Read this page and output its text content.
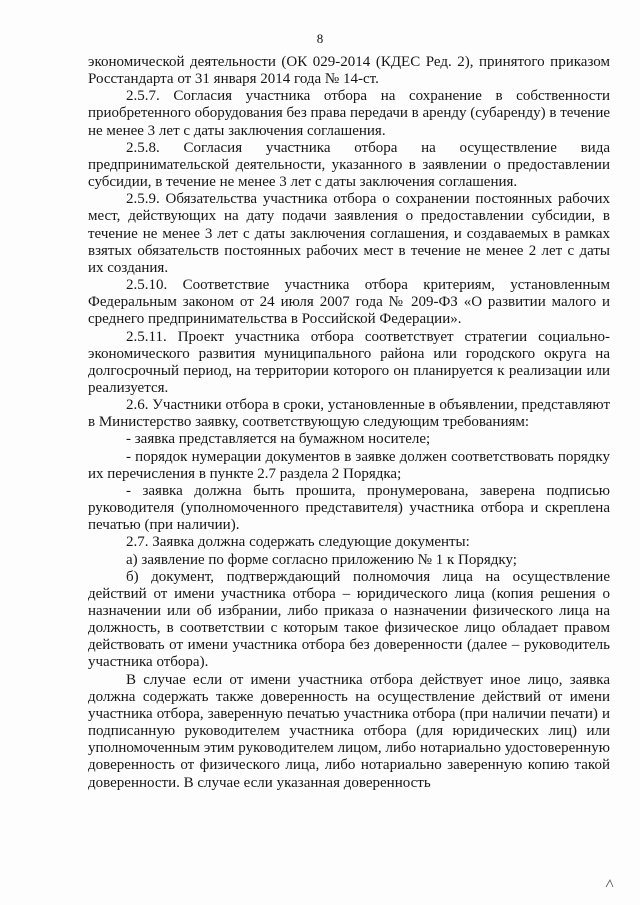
8

экономической деятельности (ОК 029-2014 (КДЕС Ред. 2), принятого приказом Росстандарта от 31 января 2014 года № 14-ст.

2.5.7. Согласия участника отбора на сохранение в собственности приобретенного оборудования без права передачи в аренду (субаренду) в течение не менее 3 лет с даты заключения соглашения.

2.5.8. Согласия участника отбора на осуществление вида предпринимательской деятельности, указанного в заявлении о предоставлении субсидии, в течение не менее 3 лет с даты заключения соглашения.

2.5.9. Обязательства участника отбора о сохранении постоянных рабочих мест, действующих на дату подачи заявления о предоставлении субсидии, в течение не менее 3 лет с даты заключения соглашения, и создаваемых в рамках взятых обязательств постоянных рабочих мест в течение не менее 2 лет с даты их создания.

2.5.10. Соответствие участника отбора критериям, установленным Федеральным законом от 24 июля 2007 года № 209-ФЗ «О развитии малого и среднего предпринимательства в Российской Федерации».

2.5.11. Проект участника отбора соответствует стратегии социально-экономического развития муниципального района или городского округа на долгосрочный период, на территории которого он планируется к реализации или реализуется.

2.6. Участники отбора в сроки, установленные в объявлении, представляют в Министерство заявку, соответствующую следующим требованиям:

- заявка представляется на бумажном носителе;

- порядок нумерации документов в заявке должен соответствовать порядку их перечисления в пункте 2.7 раздела 2 Порядка;

- заявка должна быть прошита, пронумерована, заверена подписью руководителя (уполномоченного представителя) участника отбора и скреплена печатью (при наличии).

2.7. Заявка должна содержать следующие документы:

а) заявление по форме согласно приложению № 1 к Порядку;

б) документ, подтверждающий полномочия лица на осуществление действий от имени участника отбора – юридического лица (копия решения о назначении или об избрании, либо приказа о назначении физического лица на должность, в соответствии с которым такое физическое лицо обладает правом действовать от имени участника отбора без доверенности (далее – руководитель участника отбора).

В случае если от имени участника отбора действует иное лицо, заявка должна содержать также доверенность на осуществление действий от имени участника отбора, заверенную печатью участника отбора (при наличии печати) и подписанную руководителем участника отбора (для юридических лиц) или уполномоченным этим руководителем лицом, либо нотариально удостоверенную доверенность от физического лица, либо нотариально заверенную копию такой доверенности. В случае если указанная доверенность
